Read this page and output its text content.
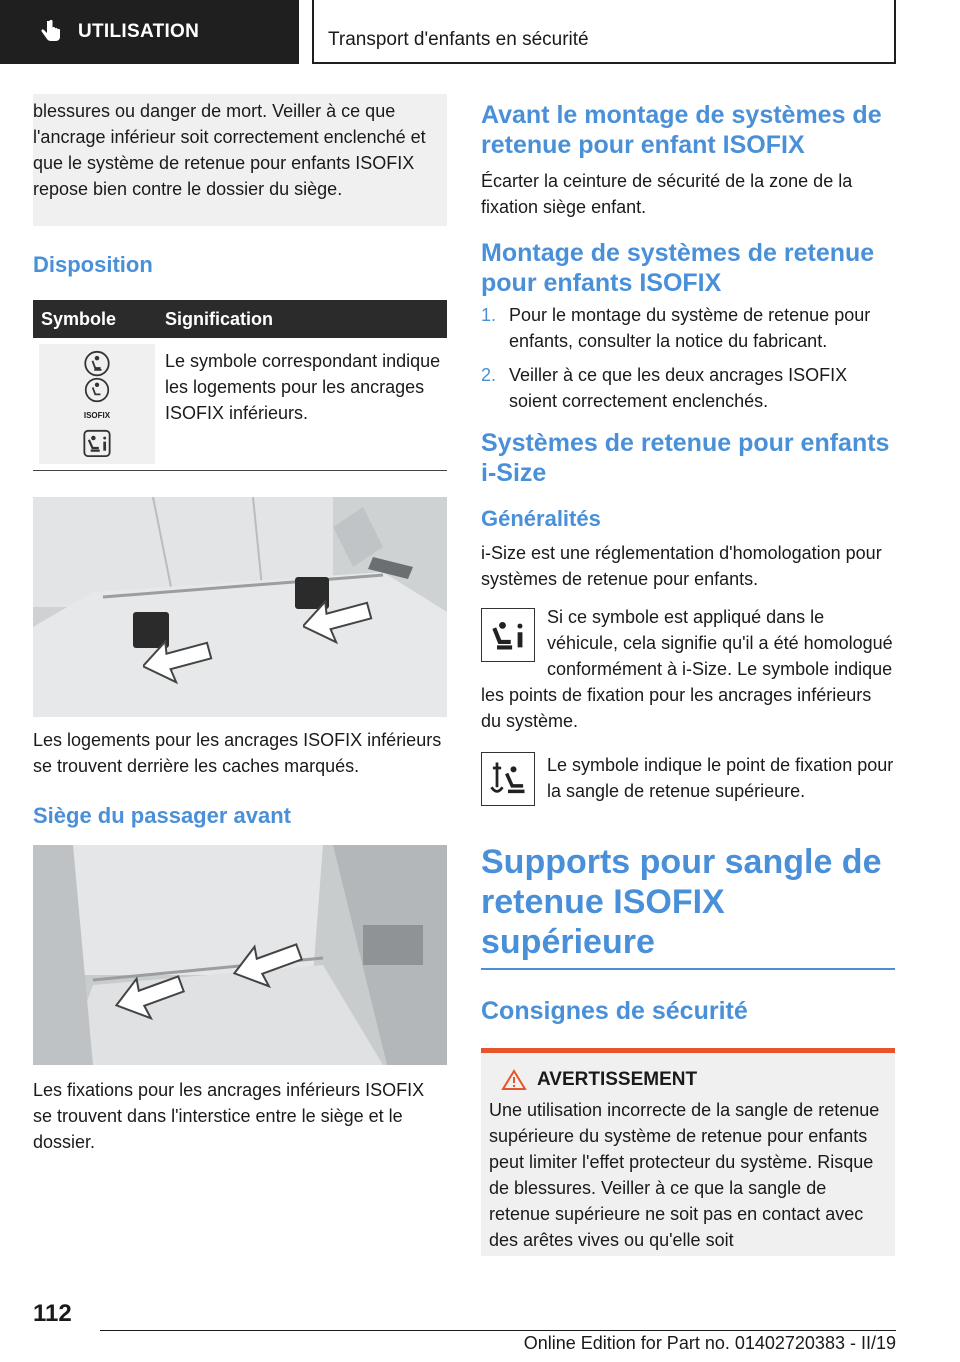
UTILISATION	Transport d'enfants en sécurité
blessures ou danger de mort. Veiller à ce que l'ancrage inférieur soit correctement enclenché et que le système de retenue pour enfants ISOFIX repose bien contre le dossier du siège.
Disposition
Symbole	Signification

ISOFIX	Le symbole correspondant indique les logements pour les ancrages ISOFIX inférieurs.
Les logements pour les ancrages ISOFIX inférieurs se trouvent derrière les caches marqués.
Siège du passager avant
Les fixations pour les ancrages inférieurs ISOFIX se trouvent dans l'interstice entre le siège et le dossier.
Avant le montage de systèmes de retenue pour enfant ISOFIX
Écarter la ceinture de sécurité de la zone de la fixation siège enfant.
Montage de systèmes de retenue pour enfants ISOFIX
1. Pour le montage du système de retenue pour enfants, consulter la notice du fabricant.
2. Veiller à ce que les deux ancrages ISOFIX soient correctement enclenchés.
Systèmes de retenue pour enfants i-Size
Généralités
i-Size est une réglementation d'homologation pour systèmes de retenue pour enfants.
Si ce symbole est appliqué dans le véhicule, cela signifie qu'il a été homologué conformément à i-Size. Le symbole indique les points de fixation pour les ancrages inférieurs du système.
Le symbole indique le point de fixation pour la sangle de retenue supérieure.
Supports pour sangle de retenue ISOFIX supérieure
Consignes de sécurité
AVERTISSEMENT
Une utilisation incorrecte de la sangle de retenue supérieure du système de retenue pour enfants peut limiter l'effet protecteur du système. Risque de blessures. Veiller à ce que la sangle de retenue supérieure ne soit pas en contact avec des arêtes vives ou qu'elle soit
112
Online Edition for Part no. 01402720383 - II/19
